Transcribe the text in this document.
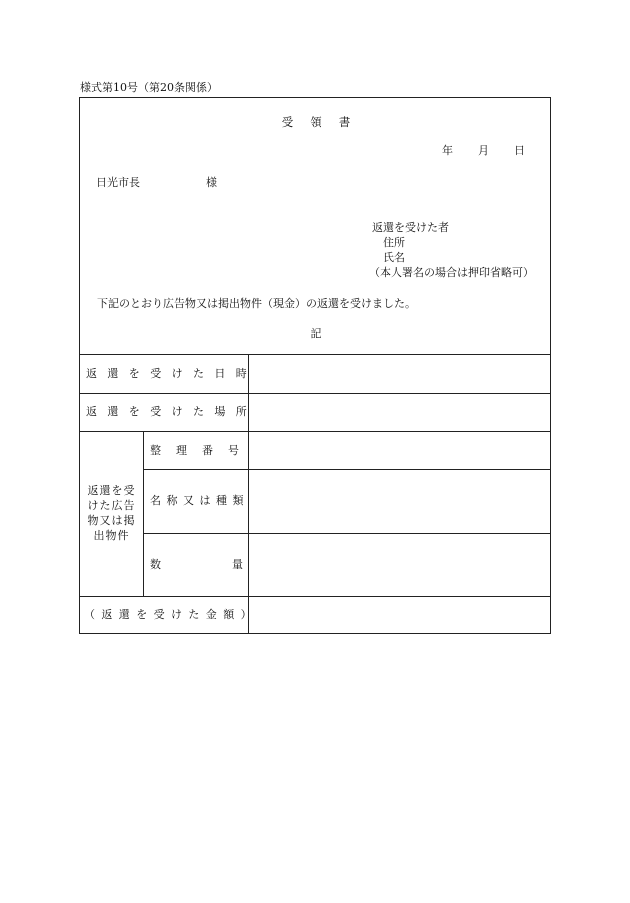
様式第10号（第20条関係）
受領書
年 月 日
日光市長	様
返還を受けた者
住所
氏名
（本人署名の場合は押印省略可）
下記のとおり広告物又は掲出物件（現金）の返還を受けました。
記
返還を受けた日時
返還を受けた場所
返還を受けた広告物又は掲出物件
整理番号
名称又は種類
数量
（返還を受けた金額）
